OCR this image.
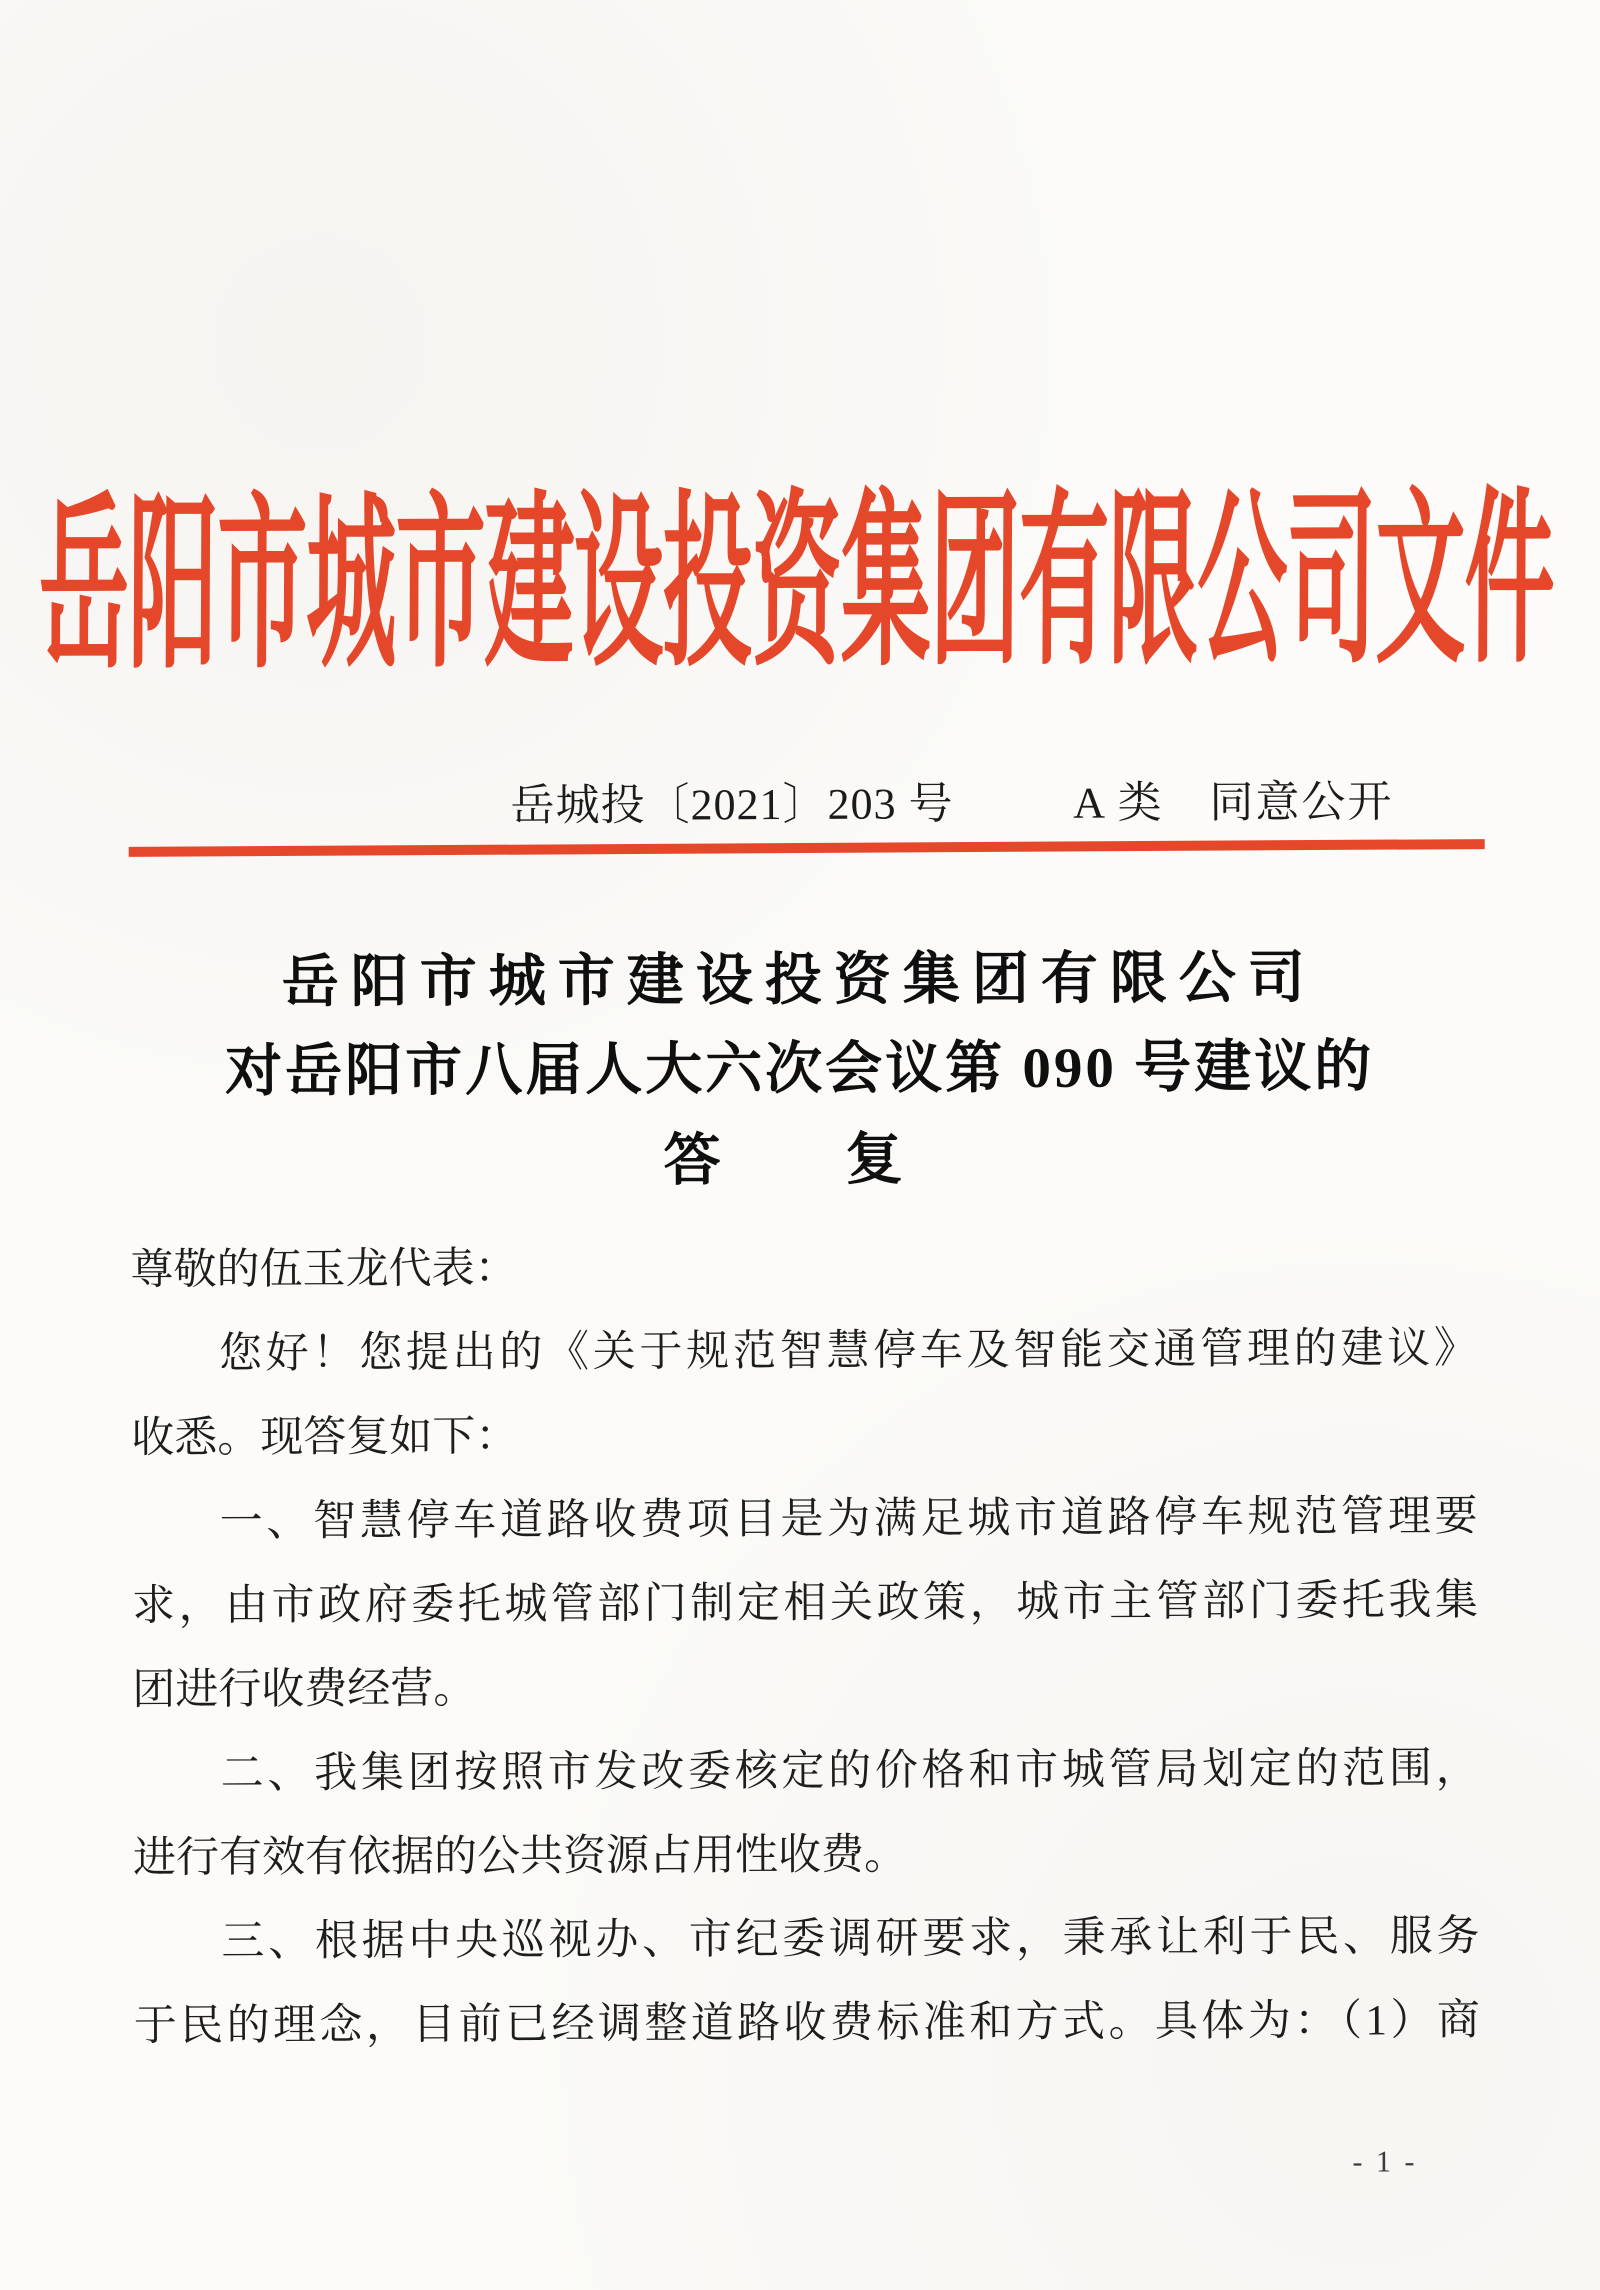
岳阳市城市建设投资集团有限公司文件
岳城投〔2021〕203 号	A 类　同意公开
岳阳市城市建设投资集团有限公司
对岳阳市八届人大六次会议第 090 号建议的
答　复
尊敬的伍玉龙代表：
您好！您提出的《关于规范智慧停车及智能交通管理的建议》
收悉。现答复如下：
一、智慧停车道路收费项目是为满足城市道路停车规范管理要
求，由市政府委托城管部门制定相关政策，城市主管部门委托我集
团进行收费经营。
二、我集团按照市发改委核定的价格和市城管局划定的范围，
进行有效有依据的公共资源占用性收费。
三、根据中央巡视办、市纪委调研要求，秉承让利于民、服务
于民的理念，目前已经调整道路收费标准和方式。具体为：（1）商
- 1 -
